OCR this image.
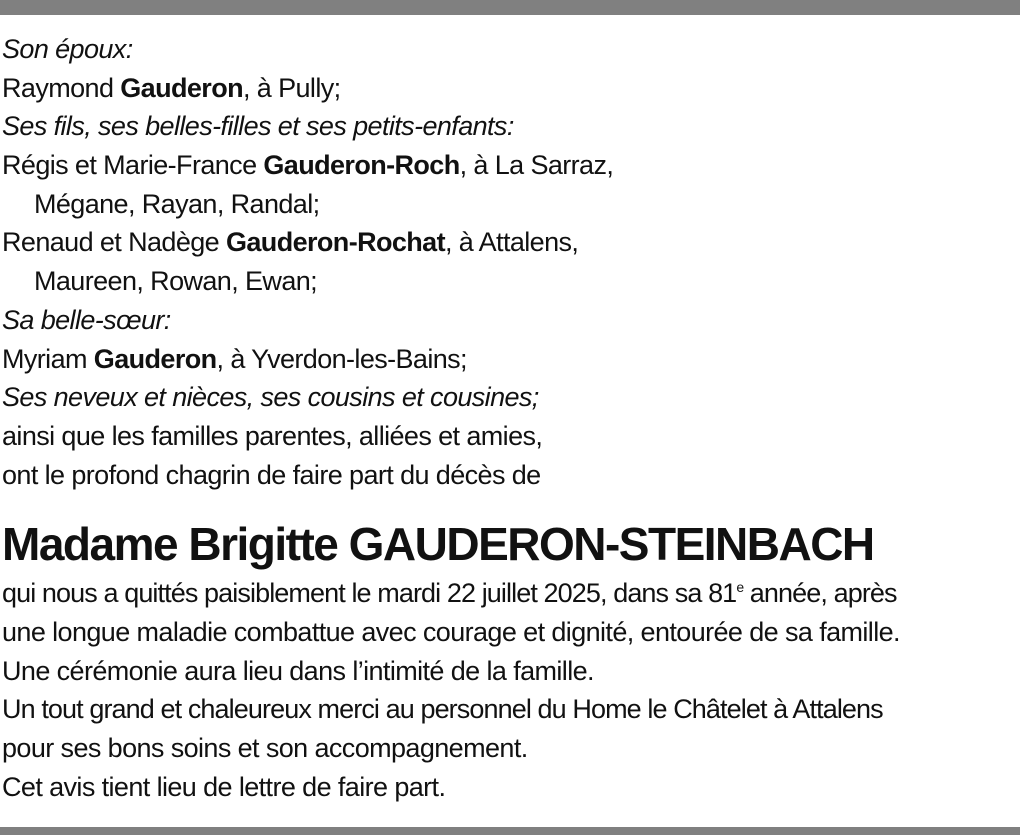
Son époux:
Raymond Gauderon, à Pully;
Ses fils, ses belles-filles et ses petits-enfants:
Régis et Marie-France Gauderon-Roch, à La Sarraz,
Mégane, Rayan, Randal;
Renaud et Nadège Gauderon-Rochat, à Attalens,
Maureen, Rowan, Ewan;
Sa belle-sœur:
Myriam Gauderon, à Yverdon-les-Bains;
Ses neveux et nièces, ses cousins et cousines;
ainsi que les familles parentes, alliées et amies,
ont le profond chagrin de faire part du décès de
Madame Brigitte GAUDERON-STEINBACH
qui nous a quittés paisiblement le mardi 22 juillet 2025, dans sa 81e année, après
une longue maladie combattue avec courage et dignité, entourée de sa famille.
Une cérémonie aura lieu dans l’intimité de la famille.
Un tout grand et chaleureux merci au personnel du Home le Châtelet à Attalens
pour ses bons soins et son accompagnement.
Cet avis tient lieu de lettre de faire part.
